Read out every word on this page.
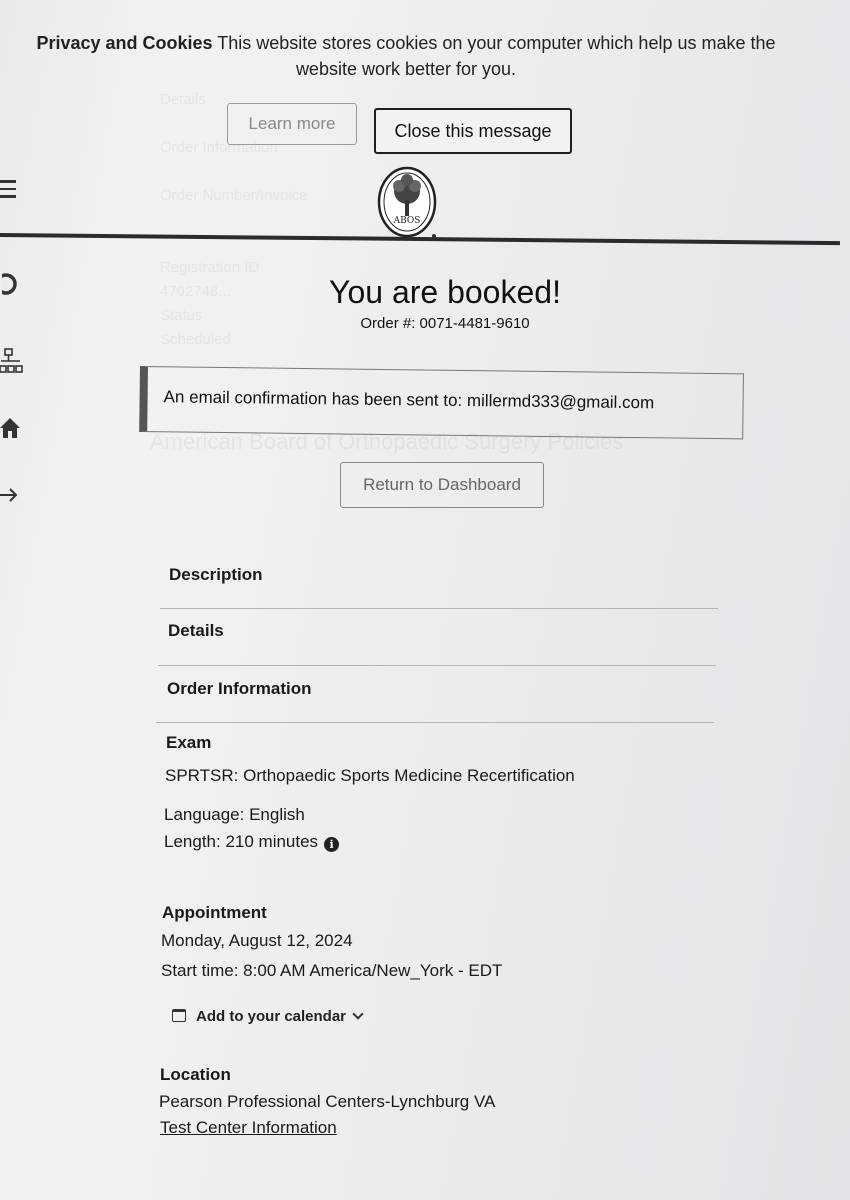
Details

Order Information

Order Number/Invoice

Registration ID
4702748...
Status
Scheduled
American Board of Orthopaedic Surgery Policies
Privacy and Cookies This website stores cookies on your computer which help us make the website work better for you.
Learn more	Close this message
ABOS
You are booked!
Order #: 0071-4481-9610
An email confirmation has been sent to: millermd333@gmail.com
Return to Dashboard
Description
Details
Order Information
Exam
SPRTSR: Orthopaedic Sports Medicine Recertification
Language: English
Length: 210 minutes i
Appointment
Monday, August 12, 2024
Start time: 8:00 AM America/New_York - EDT
Add to your calendar
Location
Pearson Professional Centers-Lynchburg VA
Test Center Information
